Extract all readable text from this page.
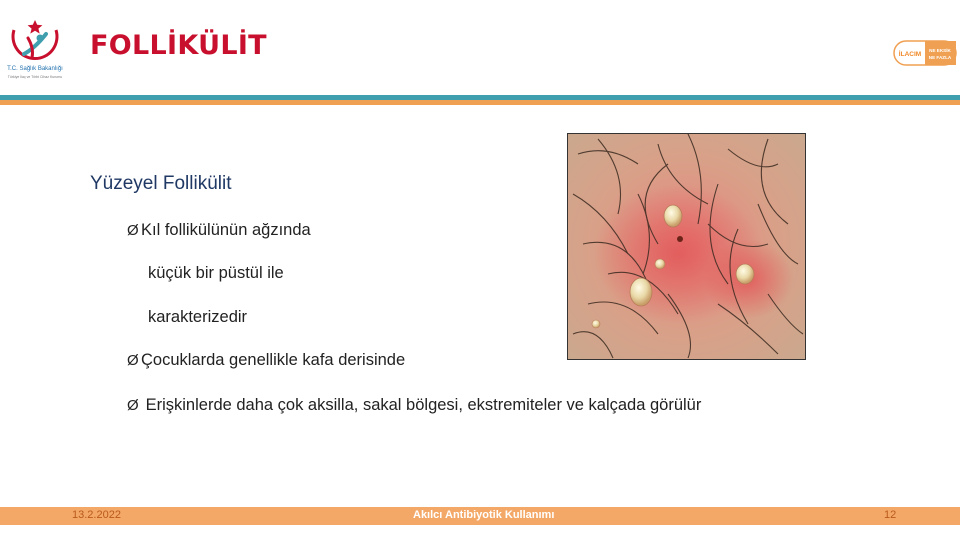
T.C. Sağlık Bakanlığı
Türkiye İlaç ve Tıbbi Cihaz Kurumu
FOLLİKÜLİT	İLACIM
NE EKSİK
NE FAZLA
Yüzeyel Follikülit
Ø Kıl follikülünün ağzında
küçük bir püstül ile
karakterizedir
Ø Çocuklarda genellikle kafa derisinde
Ø Erişkinlerde daha çok aksilla, sakal bölgesi, ekstremiteler ve kalçada görülür
13.2.2022	Akılcı Antibiyotik Kullanımı	12
